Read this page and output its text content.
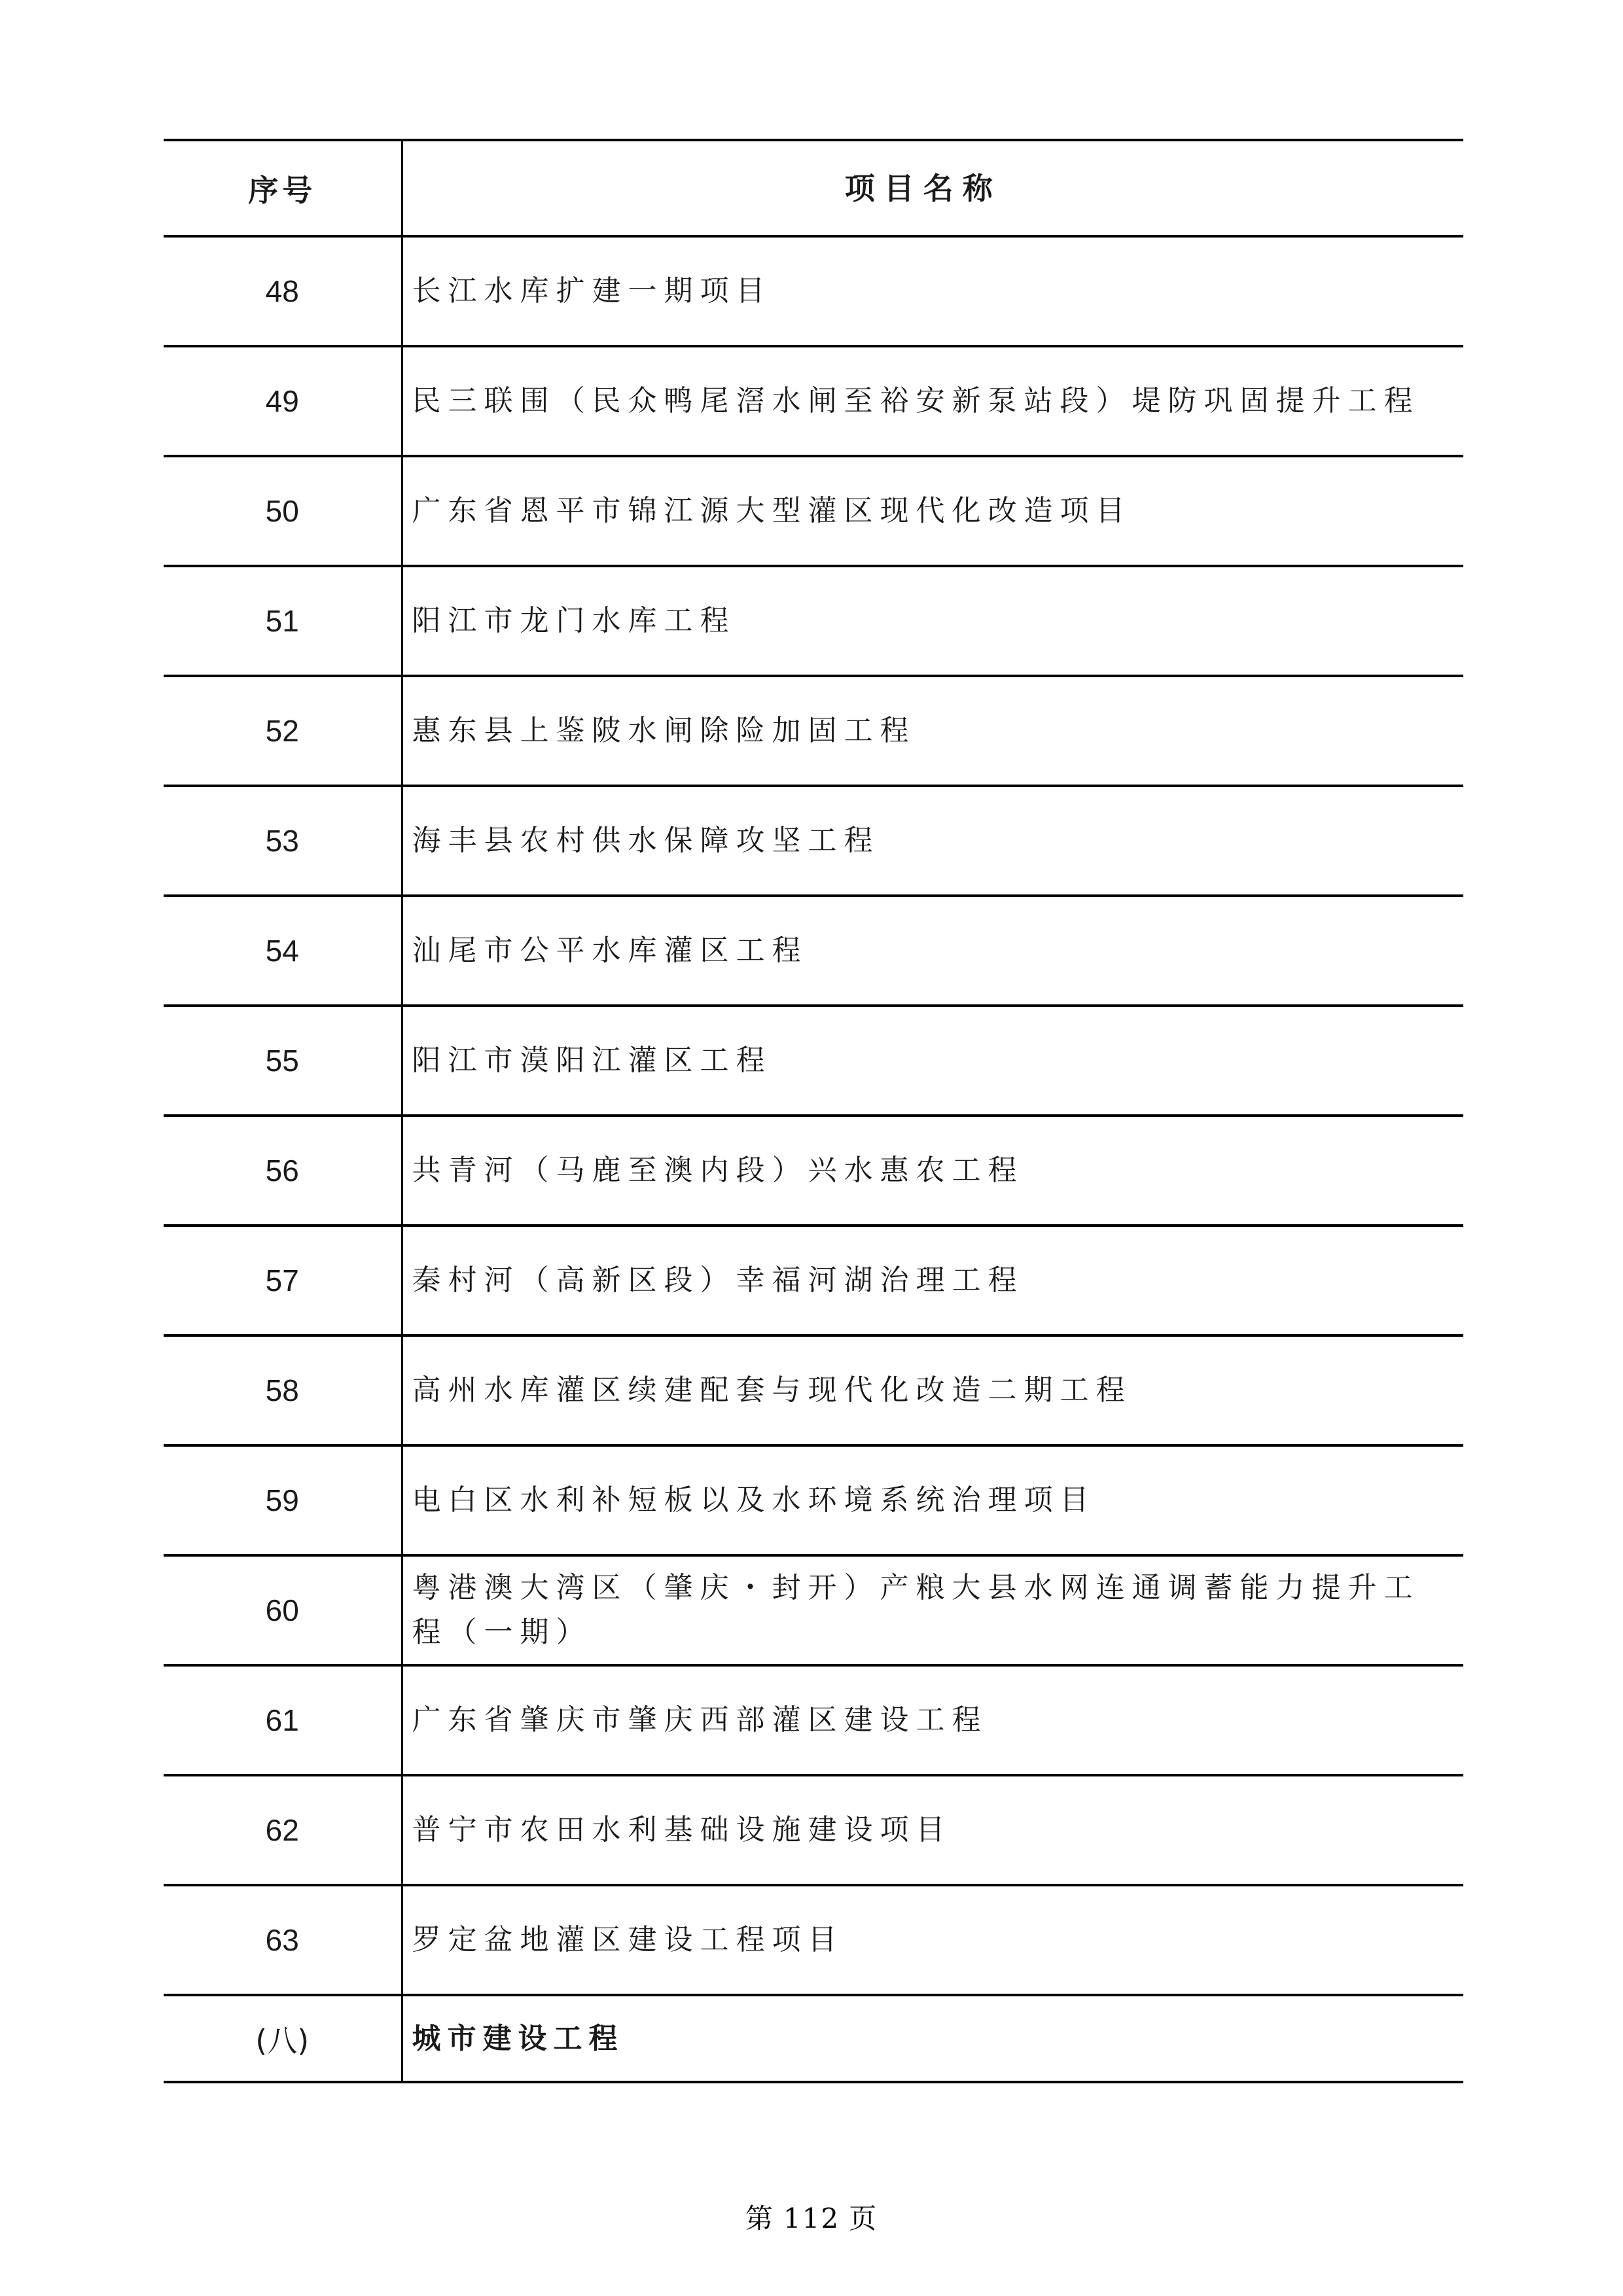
序号	项目名称
48	长江水库扩建一期项目
49	民三联围（民众鸭尾滘水闸至裕安新泵站段）堤防巩固提升工程
50	广东省恩平市锦江源大型灌区现代化改造项目
51	阳江市龙门水库工程
52	惠东县上鉴陂水闸除险加固工程
53	海丰县农村供水保障攻坚工程
54	汕尾市公平水库灌区工程
55	阳江市漠阳江灌区工程
56	共青河（马鹿至澳内段）兴水惠农工程
57	秦村河（高新区段）幸福河湖治理工程
58	高州水库灌区续建配套与现代化改造二期工程
59	电白区水利补短板以及水环境系统治理项目
60	粤港澳大湾区（肇庆・封开）产粮大县水网连通调蓄能力提升工程（一期）
61	广东省肇庆市肇庆西部灌区建设工程
62	普宁市农田水利基础设施建设项目
63	罗定盆地灌区建设工程项目
(八)	城市建设工程
第 112 页
